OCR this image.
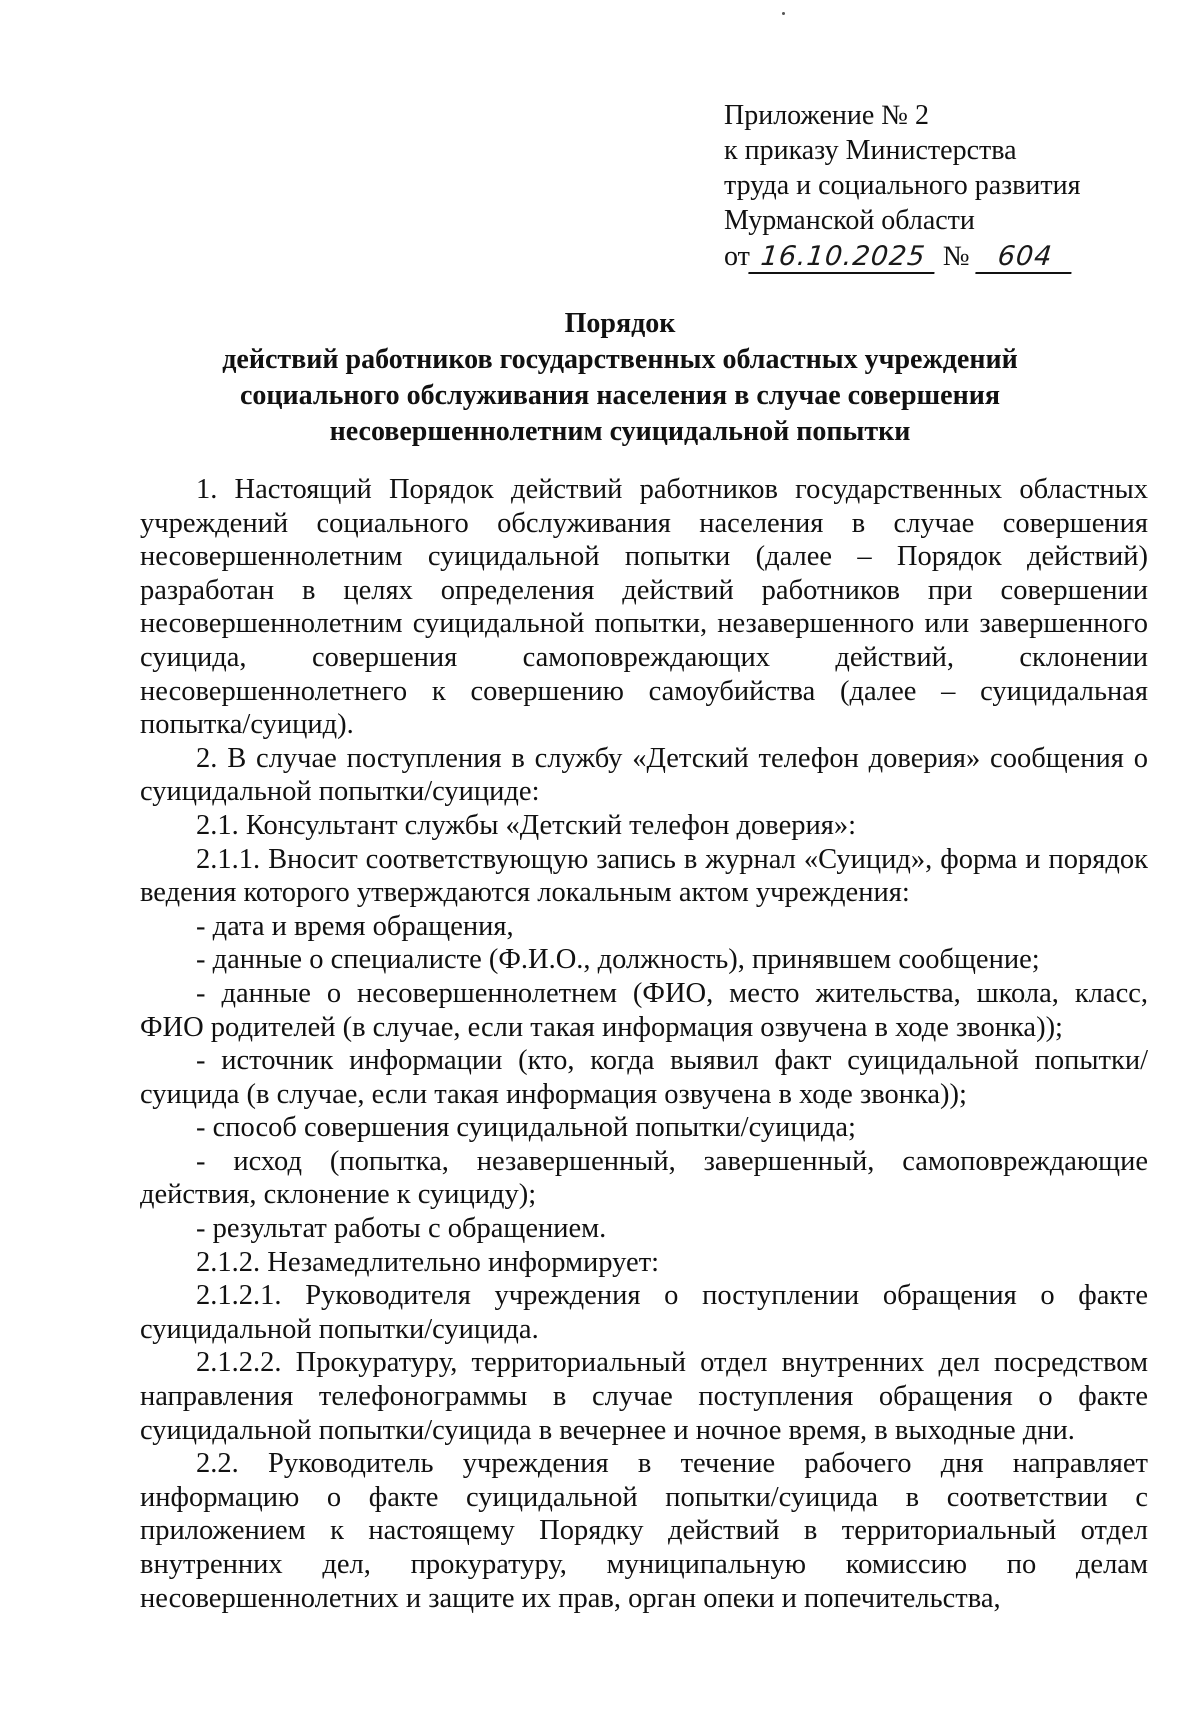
Приложение № 2
к приказу Министерства
труда и социального развития
Мурманской области
от 16.10.2025 № 604
Порядок
действий работников государственных областных учреждений
социального обслуживания населения в случае совершения
несовершеннолетним суицидальной попытки

1. Настоящий Порядок действий работников государственных областных учреждений социального обслуживания населения в случае совершения несовершеннолетним суицидальной попытки (далее – Порядок действий) разработан в целях определения действий работников при совершении несовершеннолетним суицидальной попытки, незавершенного или завершенного суицида, совершения самоповреждающих действий, склонении несовершеннолетнего к совершению самоубийства (далее – суицидальная попытка/суицид).

2. В случае поступления в службу «Детский телефон доверия» сообщения о суицидальной попытки/суициде:

2.1. Консультант службы «Детский телефон доверия»:

2.1.1. Вносит соответствующую запись в журнал «Суицид», форма и порядок ведения которого утверждаются локальным актом учреждения:

- дата и время обращения,

- данные о специалисте (Ф.И.О., должность), принявшем сообщение;

- данные о несовершеннолетнем (ФИО, место жительства, школа, класс, ФИО родителей (в случае, если такая информация озвучена в ходе звонка));

- источник информации (кто, когда выявил факт суицидальной попытки/суицида (в случае, если такая информация озвучена в ходе звонка));

- способ совершения суицидальной попытки/суицида;

- исход (попытка, незавершенный, завершенный, самоповреждающие действия, склонение к суициду);

- результат работы с обращением.

2.1.2. Незамедлительно информирует:

2.1.2.1. Руководителя учреждения о поступлении обращения о факте суицидальной попытки/суицида.

2.1.2.2. Прокуратуру, территориальный отдел внутренних дел посредством направления телефонограммы в случае поступления обращения о факте суицидальной попытки/суицида в вечернее и ночное время, в выходные дни.

2.2. Руководитель учреждения в течение рабочего дня направляет информацию о факте суицидальной попытки/суицида в соответствии с приложением к настоящему Порядку действий в территориальный отдел внутренних дел, прокуратуру, муниципальную комиссию по делам несовершеннолетних и защите их прав, орган опеки и попечительства,
